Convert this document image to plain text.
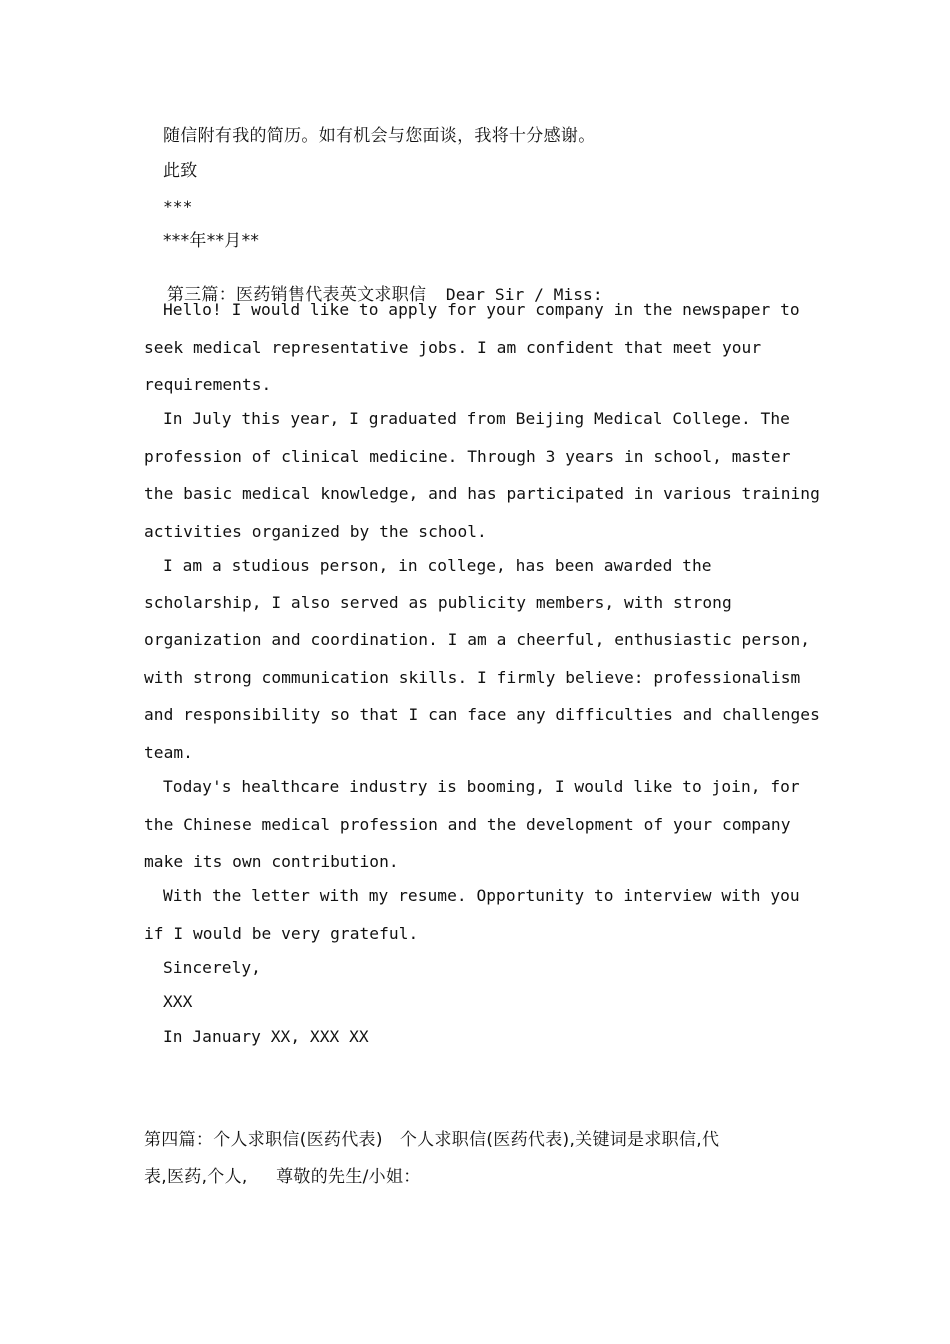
随信附有我的简历。如有机会与您面谈，我将十分感谢。
此致
***
***年**月**

第三篇：医药销售代表英文求职信 Dear Sir / Miss:

Hello! I would like to apply for your company in the newspaper to
seek medical representative jobs. I am confident that meet your
requirements.
In July this year, I graduated from Beijing Medical College. The
profession of clinical medicine. Through 3 years in school, master
the basic medical knowledge, and has participated in various training
activities organized by the school.
I am a studious person, in college, has been awarded the
scholarship, I also served as publicity members, with strong
organization and coordination. I am a cheerful, enthusiastic person,
with strong communication skills. I firmly believe: professionalism
and responsibility so that I can face any difficulties and challenges
team.
Today's healthcare industry is booming, I would like to join, for
the Chinese medical profession and the development of your company
make its own contribution.
With the letter with my resume. Opportunity to interview with you
if I would be very grateful.
Sincerely,
XXX
In January XX, XXX XX
第四篇：个人求职信(医药代表)   个人求职信(医药代表),关键词是求职信,代
表,医药,个人,     尊敬的先生/小姐：
